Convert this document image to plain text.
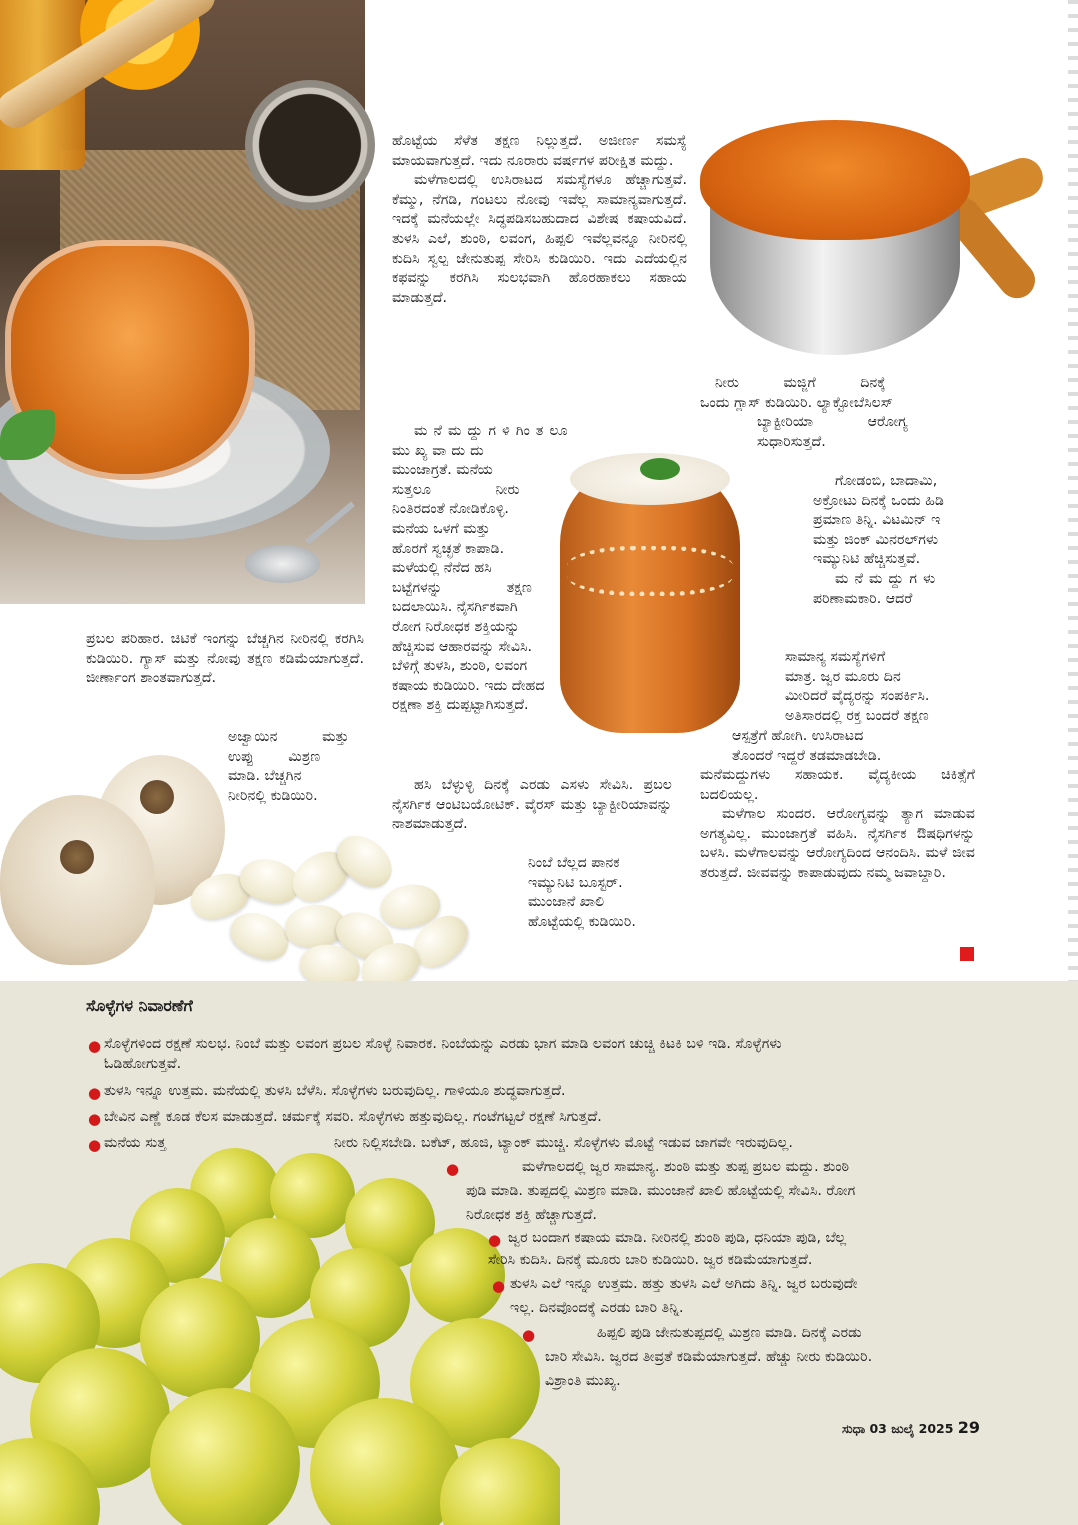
ಹೊಟ್ಟೆಯ ಸೆಳೆತ ತಕ್ಷಣ ನಿಲ್ಲುತ್ತದೆ. ಅಜೀರ್ಣ ಸಮಸ್ಯೆ ಮಾಯವಾಗುತ್ತದೆ. ಇದು ನೂರಾರು ವರ್ಷಗಳ ಪರೀಕ್ಷಿತ ಮದ್ದು.

ಮಳೆಗಾಲದಲ್ಲಿ ಉಸಿರಾಟದ ಸಮಸ್ಯೆಗಳೂ ಹೆಚ್ಚಾಗುತ್ತವೆ. ಕೆಮ್ಮು, ನೆಗಡಿ, ಗಂಟಲು ನೋವು ಇವೆಲ್ಲ ಸಾಮಾನ್ಯವಾಗುತ್ತದೆ. ಇದಕ್ಕೆ ಮನೆಯಲ್ಲೇ ಸಿದ್ಧಪಡಿಸಬಹುದಾದ ವಿಶೇಷ ಕಷಾಯವಿದೆ. ತುಳಸಿ ಎಲೆ, ಶುಂಠಿ, ಲವಂಗ, ಹಿಪ್ಪಲಿ ಇವೆಲ್ಲವನ್ನೂ ನೀರಿನಲ್ಲಿ ಕುದಿಸಿ ಸ್ವಲ್ಪ ಜೇನುತುಪ್ಪ ಸೇರಿಸಿ ಕುಡಿಯಿರಿ. ಇದು ಎದೆಯಲ್ಲಿನ ಕಫವನ್ನು ಕರಗಿಸಿ ಸುಲಭವಾಗಿ ಹೊರಹಾಕಲು ಸಹಾಯ ಮಾಡುತ್ತದೆ.

ಮನೆಮದ್ದುಗಳಿಗಿಂತಲೂ

ಮುಖ್ಯವಾದುದು

ಮುಂಜಾಗ್ರತೆ. ಮನೆಯ

ಸುತ್ತಲೂ ನೀರು

ನಿಂತಿರದಂತೆ ನೋಡಿಕೊಳ್ಳಿ.

ಮನೆಯ ಒಳಗೆ ಮತ್ತು

ಹೊರಗೆ ಸ್ವಚ್ಛತೆ ಕಾಪಾಡಿ.

ಮಳೆಯಲ್ಲಿ ನೆನೆದ ಹಸಿ

ಬಟ್ಟೆಗಳನ್ನು ತಕ್ಷಣ

ಬದಲಾಯಿಸಿ. ನೈಸರ್ಗಿಕವಾಗಿ

ರೋಗ ನಿರೋಧಕ ಶಕ್ತಿಯನ್ನು

ಹೆಚ್ಚಿಸುವ ಆಹಾರವನ್ನು ಸೇವಿಸಿ.

ಬೆಳಿಗ್ಗೆ ತುಳಸಿ, ಶುಂಠಿ, ಲವಂಗ

ಕಷಾಯ ಕುಡಿಯಿರಿ. ಇದು ದೇಹದ

ರಕ್ಷಣಾ ಶಕ್ತಿ ದುಪ್ಪಟ್ಟಾಗಿಸುತ್ತದೆ.

ಹಸಿ ಬೆಳ್ಳುಳ್ಳಿ ದಿನಕ್ಕೆ ಎರಡು ಎಸಳು ಸೇವಿಸಿ. ಪ್ರಬಲ ನೈಸರ್ಗಿಕ ಆಂಟಿಬಯೋಟಿಕ್. ವೈರಸ್ ಮತ್ತು ಬ್ಯಾಕ್ಟೀರಿಯಾವನ್ನು ನಾಶಮಾಡುತ್ತದೆ.

ನಿಂಬೆ ಬೆಲ್ಲದ ಪಾನಕ

ಇಮ್ಯುನಿಟಿ ಬೂಸ್ಟರ್.

ಮುಂಜಾನೆ ಖಾಲಿ

ಹೊಟ್ಟೆಯಲ್ಲಿ ಕುಡಿಯಿರಿ.

ನೀರು ಮಜ್ಜಿಗೆ ದಿನಕ್ಕೆ

ಒಂದು ಗ್ಲಾಸ್ ಕುಡಿಯಿರಿ. ಲ್ಯಾಕ್ಟೋಬೆಸಿಲಸ್

ಬ್ಯಾಕ್ಟೀರಿಯಾ ಆರೋಗ್ಯ

ಸುಧಾರಿಸುತ್ತದೆ.

ಗೋಡಂಬಿ, ಬಾದಾಮಿ,

ಅಕ್ರೋಟು ದಿನಕ್ಕೆ ಒಂದು ಹಿಡಿ

ಪ್ರಮಾಣ ತಿನ್ನಿ. ವಿಟಮಿನ್ ಇ

ಮತ್ತು ಜಿಂಕ್ ಮಿನರಲ್‌ಗಳು

ಇಮ್ಯುನಿಟಿ ಹೆಚ್ಚಿಸುತ್ತವೆ.

ಮನೆಮದ್ದುಗಳು

ಪರಿಣಾಮಕಾರಿ. ಆದರೆ

ಸಾಮಾನ್ಯ ಸಮಸ್ಯೆಗಳಿಗೆ

ಮಾತ್ರ. ಜ್ವರ ಮೂರು ದಿನ

ಮೀರಿದರೆ ವೈದ್ಯರನ್ನು ಸಂಪರ್ಕಿಸಿ.

ಅತಿಸಾರದಲ್ಲಿ ರಕ್ತ ಬಂದರೆ ತಕ್ಷಣ

ಆಸ್ಪತ್ರೆಗೆ ಹೋಗಿ. ಉಸಿರಾಟದ

ತೊಂದರೆ ಇದ್ದರೆ ತಡಮಾಡಬೇಡಿ.

ಮನೆಮದ್ದುಗಳು ಸಹಾಯಕ. ವೈದ್ಯಕೀಯ ಚಿಕಿತ್ಸೆಗೆ ಬದಲಿಯಲ್ಲ.

ಮಳೆಗಾಲ ಸುಂದರ. ಆರೋಗ್ಯವನ್ನು ತ್ಯಾಗ ಮಾಡುವ ಅಗತ್ಯವಿಲ್ಲ. ಮುಂಜಾಗ್ರತೆ ವಹಿಸಿ. ನೈಸರ್ಗಿಕ ಔಷಧಿಗಳನ್ನು ಬಳಸಿ. ಮಳೆಗಾಲವನ್ನು ಆರೋಗ್ಯದಿಂದ ಆನಂದಿಸಿ. ಮಳೆ ಜೀವ ತರುತ್ತದೆ. ಜೀವವನ್ನು ಕಾಪಾಡುವುದು ನಮ್ಮ ಜವಾಬ್ದಾರಿ.

ಪ್ರಬಲ ಪರಿಹಾರ. ಚಿಟಿಕೆ ಇಂಗನ್ನು ಬೆಚ್ಚಗಿನ ನೀರಿನಲ್ಲಿ ಕರಗಿಸಿ ಕುಡಿಯಿರಿ. ಗ್ಯಾಸ್ ಮತ್ತು ನೋವು ತಕ್ಷಣ ಕಡಿಮೆಯಾಗುತ್ತದೆ. ಜೀರ್ಣಾಂಗ ಶಾಂತವಾಗುತ್ತದೆ.

ಅಜ್ವಾಯಿನ ಮತ್ತು

ಉಪ್ಪು ಮಿಶ್ರಣ

ಮಾಡಿ. ಬೆಚ್ಚಗಿನ

ನೀರಿನಲ್ಲಿ ಕುಡಿಯಿರಿ.

ಸೊಳ್ಳೆಗಳ ನಿವಾರಣೆಗೆ
● ಸೊಳ್ಳೆಗಳಿಂದ ರಕ್ಷಣೆ ಸುಲಭ. ನಿಂಬೆ ಮತ್ತು ಲವಂಗ ಪ್ರಬಲ ಸೊಳ್ಳೆ ನಿವಾರಕ. ನಿಂಬೆಯನ್ನು ಎರಡು ಭಾಗ ಮಾಡಿ ಲವಂಗ ಚುಚ್ಚಿ ಕಿಟಕಿ ಬಳಿ ಇಡಿ. ಸೊಳ್ಳೆಗಳು
ಓಡಿಹೋಗುತ್ತವೆ.
● ತುಳಸಿ ಇನ್ನೂ ಉತ್ತಮ. ಮನೆಯಲ್ಲಿ ತುಳಸಿ ಬೆಳೆಸಿ. ಸೊಳ್ಳೆಗಳು ಬರುವುದಿಲ್ಲ. ಗಾಳಿಯೂ ಶುದ್ಧವಾಗುತ್ತದೆ.
● ಬೇವಿನ ಎಣ್ಣೆ ಕೂಡ ಕೆಲಸ ಮಾಡುತ್ತದೆ. ಚರ್ಮಕ್ಕೆ ಸವರಿ. ಸೊಳ್ಳೆಗಳು ಹತ್ತುವುದಿಲ್ಲ. ಗಂಟೆಗಟ್ಟಲೆ ರಕ್ಷಣೆ ಸಿಗುತ್ತದೆ.
● ಮನೆಯ ಸುತ್ತ	ನೀರು ನಿಲ್ಲಿಸಬೇಡಿ. ಬಕೆಟ್, ಹೂಜಿ, ಟ್ಯಾಂಕ್ ಮುಚ್ಚಿ. ಸೊಳ್ಳೆಗಳು ಮೊಟ್ಟೆ ಇಡುವ ಜಾಗವೇ ಇರುವುದಿಲ್ಲ.
●	ಮಳೆಗಾಲದಲ್ಲಿ ಜ್ವರ ಸಾಮಾನ್ಯ. ಶುಂಠಿ ಮತ್ತು ತುಪ್ಪ ಪ್ರಬಲ ಮದ್ದು. ಶುಂಠಿ
ಪುಡಿ ಮಾಡಿ. ತುಪ್ಪದಲ್ಲಿ ಮಿಶ್ರಣ ಮಾಡಿ. ಮುಂಜಾನೆ ಖಾಲಿ ಹೊಟ್ಟೆಯಲ್ಲಿ ಸೇವಿಸಿ. ರೋಗ
ನಿರೋಧಕ ಶಕ್ತಿ ಹೆಚ್ಚಾಗುತ್ತದೆ.
● ಜ್ವರ ಬಂದಾಗ ಕಷಾಯ ಮಾಡಿ. ನೀರಿನಲ್ಲಿ ಶುಂಠಿ ಪುಡಿ, ಧನಿಯಾ ಪುಡಿ, ಬೆಲ್ಲ
ಸೇರಿಸಿ ಕುದಿಸಿ. ದಿನಕ್ಕೆ ಮೂರು ಬಾರಿ ಕುಡಿಯಿರಿ. ಜ್ವರ ಕಡಿಮೆಯಾಗುತ್ತದೆ.
● ತುಳಸಿ ಎಲೆ ಇನ್ನೂ ಉತ್ತಮ. ಹತ್ತು ತುಳಸಿ ಎಲೆ ಅಗಿದು ತಿನ್ನಿ. ಜ್ವರ ಬರುವುದೇ
ಇಲ್ಲ. ದಿನವೊಂದಕ್ಕೆ ಎರಡು ಬಾರಿ ತಿನ್ನಿ.
●	ಹಿಪ್ಪಲಿ ಪುಡಿ ಜೇನುತುಪ್ಪದಲ್ಲಿ ಮಿಶ್ರಣ ಮಾಡಿ. ದಿನಕ್ಕೆ ಎರಡು
ಬಾರಿ ಸೇವಿಸಿ. ಜ್ವರದ ತೀವ್ರತೆ ಕಡಿಮೆಯಾಗುತ್ತದೆ. ಹೆಚ್ಚು ನೀರು ಕುಡಿಯಿರಿ.
ವಿಶ್ರಾಂತಿ ಮುಖ್ಯ.
ಸುಧಾ 03 ಜುಲೈ 2025 29
